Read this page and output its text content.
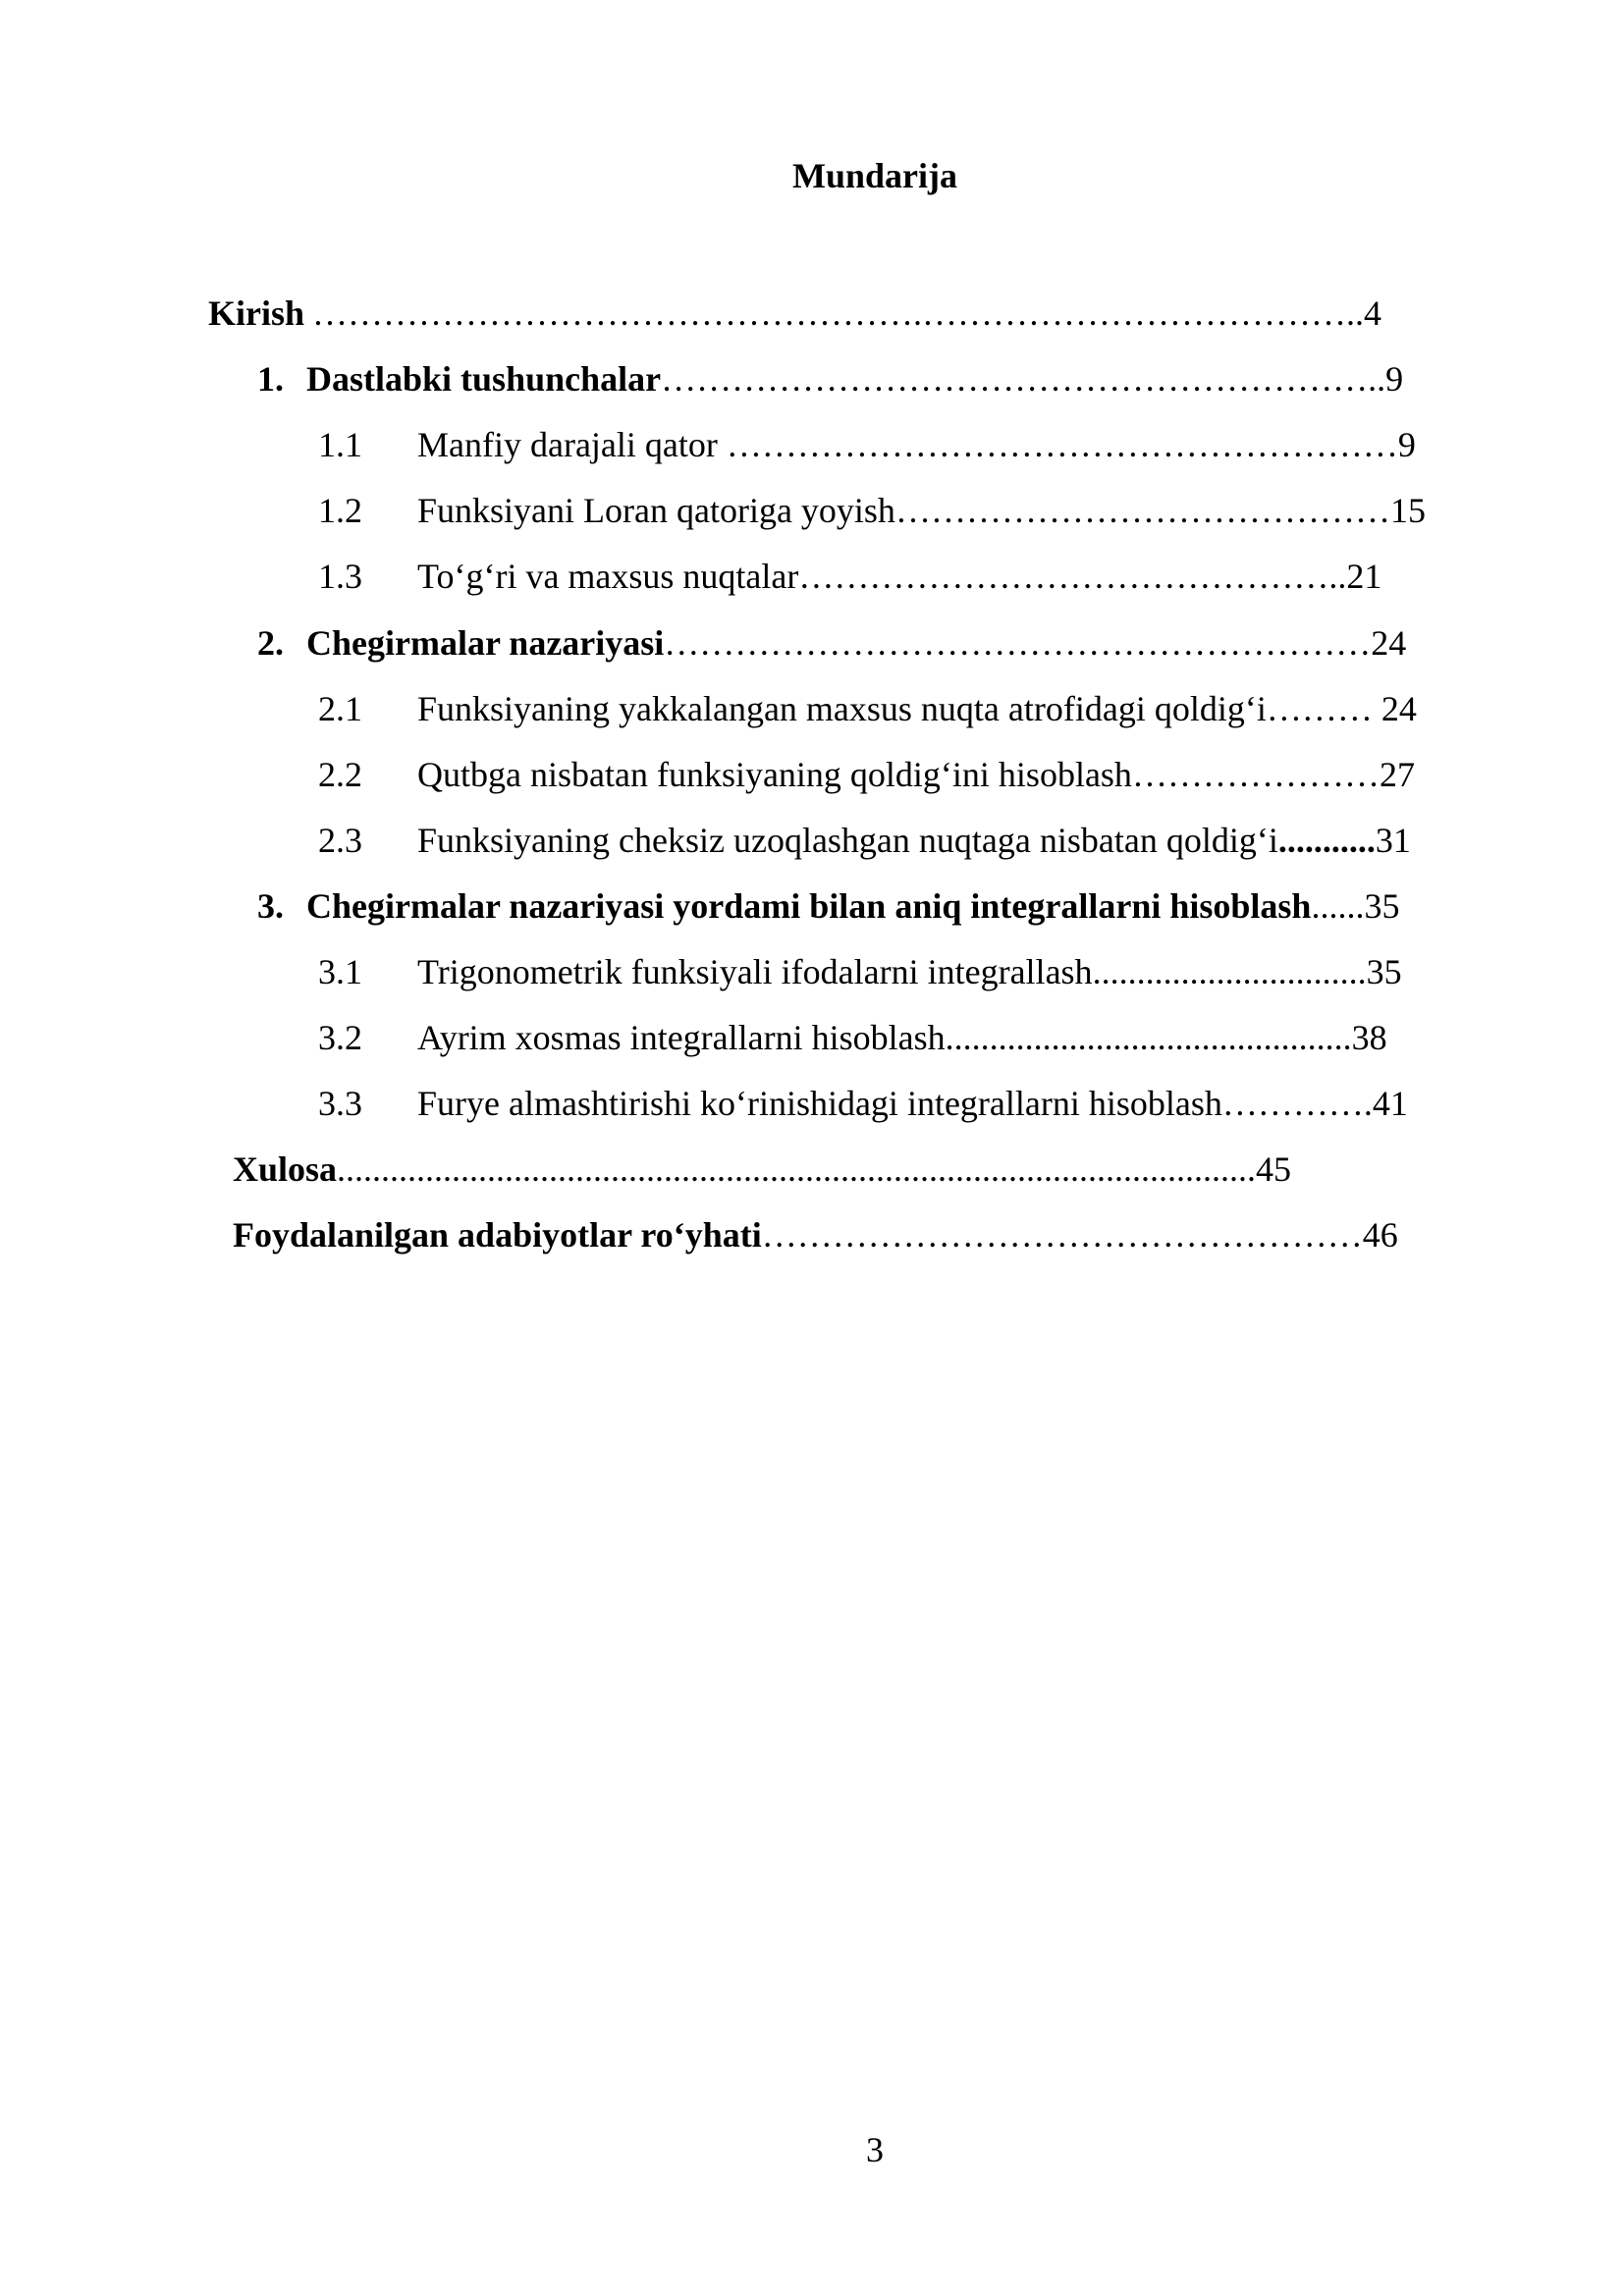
Mundarija
Kirish …………………………………………….………………………………..4
1. Dastlabki tushunchalar……………………………………………………..9
1.1 Manfiy darajali qator …………………………………………………9
1.2 Funksiyani Loran qatoriga yoyish……………………………………15
1.3 To‘g‘ri va maxsus nuqtalar………………………………………..21
2. Chegirmalar nazariyasi……………………………………………………24
2.1 Funksiyaning yakkalangan maxsus nuqta atrofidagi qoldig‘i……… 24
2.2 Qutbga nisbatan funksiyaning qoldig‘ini hisoblash…………………27
2.3 Funksiyaning cheksiz uzoqlashgan nuqtaga nisbatan qoldig‘i...........31
3. Chegirmalar nazariyasi yordami bilan aniq integrallarni hisoblash......35
3.1 Trigonometrik funksiyali ifodalarni integrallash...............................35
3.2 Ayrim xosmas integrallarni hisoblash..............................................38
3.3 Furye almashtirishi ko‘rinishidagi integrallarni hisoblash………….41
Xulosa........................................................................................................45
Foydalanilgan adabiyotlar ro‘yhati……………………………………………46
3
